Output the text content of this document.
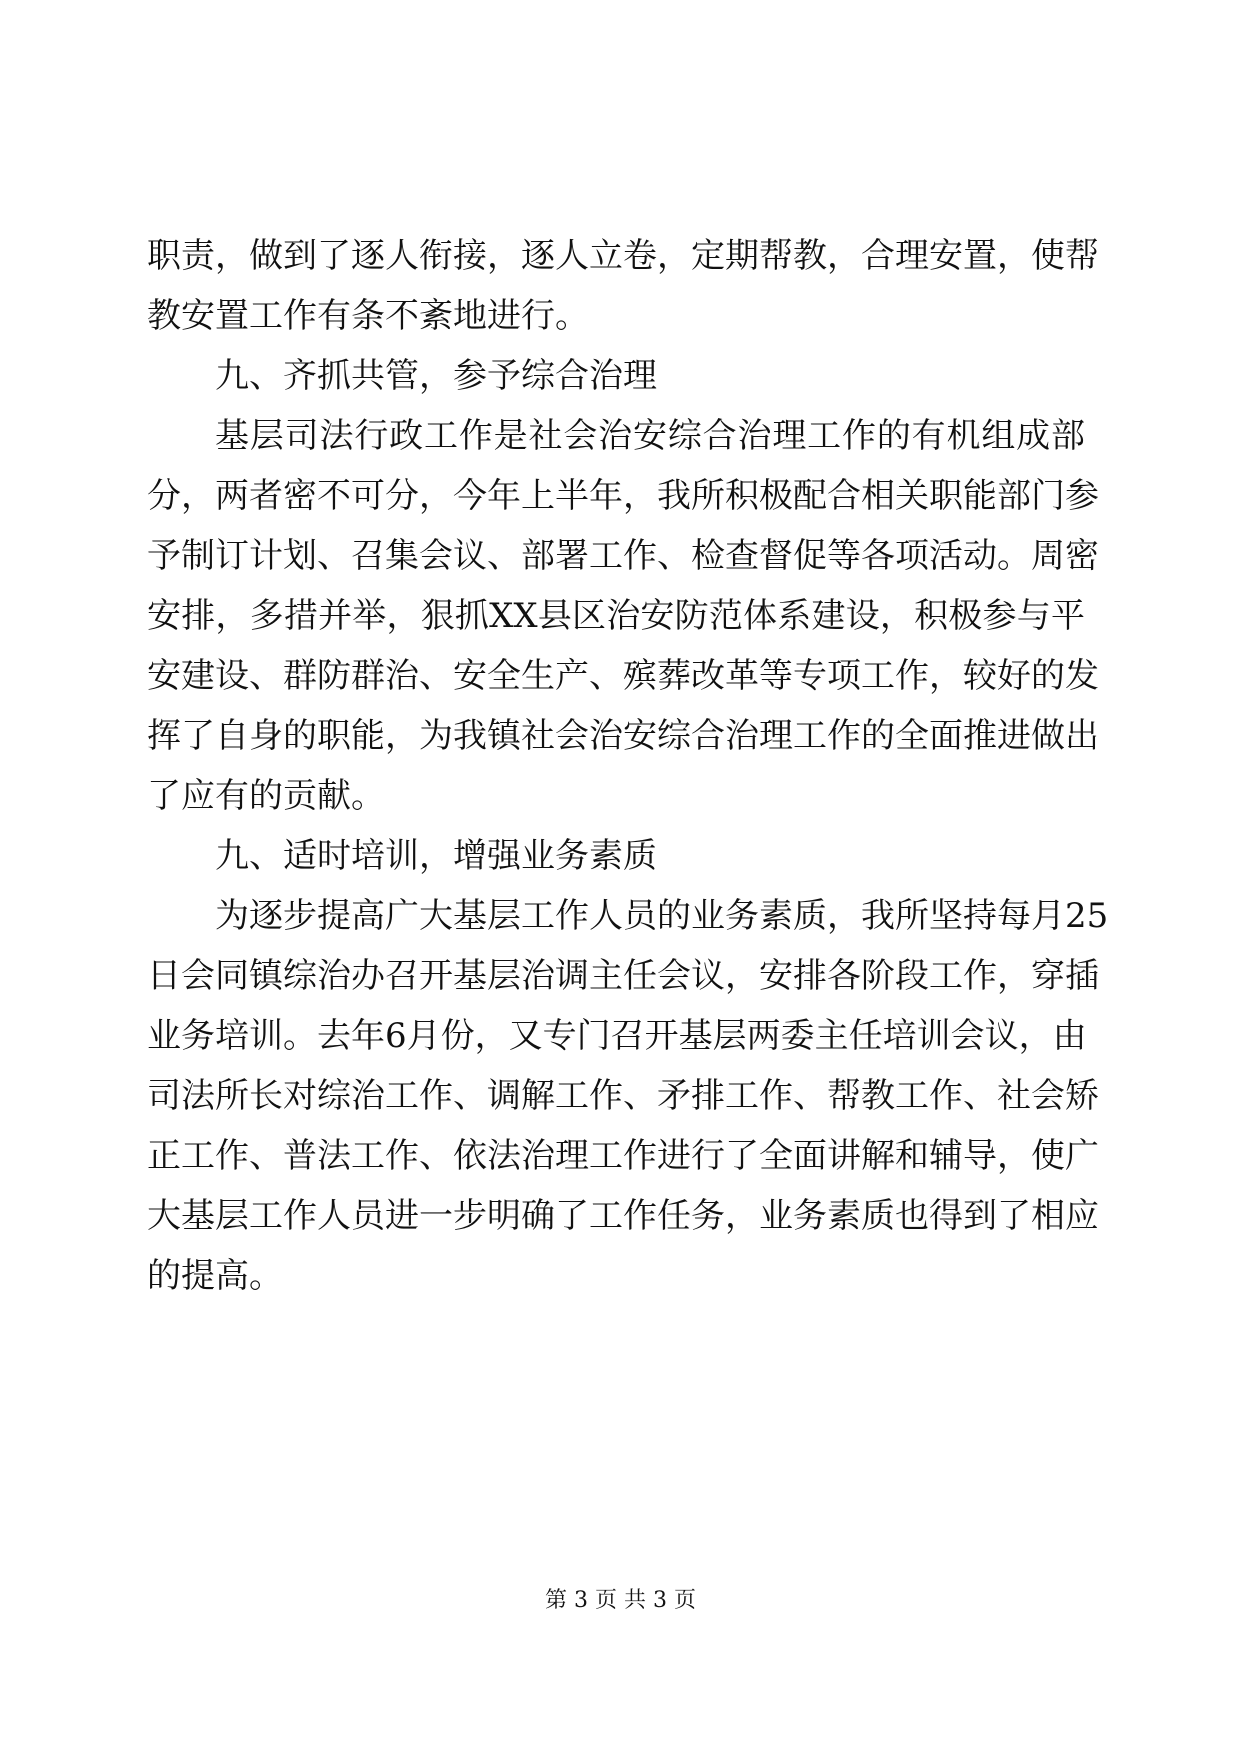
职责，做到了逐人衔接，逐人立卷，定期帮教，合理安置，使帮
教安置工作有条不紊地进行。
九、齐抓共管，参予综合治理
基层司法行政工作是社会治安综合治理工作的有机组成部
分，两者密不可分，今年上半年，我所积极配合相关职能部门参
予制订计划、召集会议、部署工作、检查督促等各项活动。周密
安排，多措并举，狠抓XX县区治安防范体系建设，积极参与平
安建设、群防群治、安全生产、殡葬改革等专项工作，较好的发
挥了自身的职能，为我镇社会治安综合治理工作的全面推进做出
了应有的贡献。
九、适时培训，增强业务素质
为逐步提高广大基层工作人员的业务素质，我所坚持每月25
日会同镇综治办召开基层治调主任会议，安排各阶段工作，穿插
业务培训。去年6月份，又专门召开基层两委主任培训会议，由
司法所长对综治工作、调解工作、矛排工作、帮教工作、社会矫
正工作、普法工作、依法治理工作进行了全面讲解和辅导，使广
大基层工作人员进一步明确了工作任务，业务素质也得到了相应
的提高。
第 3 页 共 3 页
